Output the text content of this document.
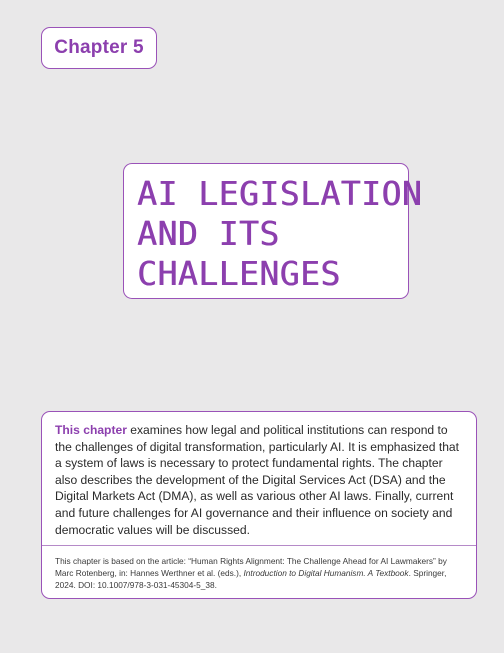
Chapter 5
AI LEGISLATION
AND ITS
CHALLENGES

This chapter examines how legal and political institutions can respond to the challenges of digital transformation, particularly AI. It is emphasized that a system of laws is necessary to protect fundamental rights. The chapter also describes the development of the Digital Services Act (DSA) and the Digital Markets Act (DMA), as well as various other AI laws. Finally, current and future challenges for AI governance and their influence on society and democratic values will be discussed.

This chapter is based on the article: “Human Rights Alignment: The Challenge Ahead for AI Lawmakers” by Marc Rotenberg, in: Hannes Werthner et al. (eds.), Introduction to Digital Humanism. A Textbook. Springer, 2024. DOI: 10.1007/978-3-031-45304-5_38.
